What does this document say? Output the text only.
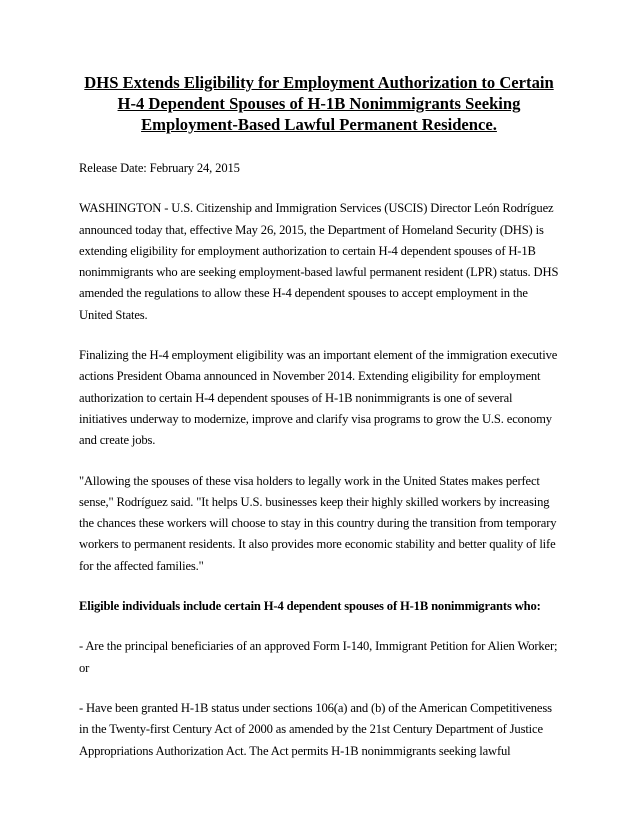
DHS Extends Eligibility for Employment Authorization to Certain
H-4 Dependent Spouses of H-1B Nonimmigrants Seeking
Employment-Based Lawful Permanent Residence.

Release Date: February 24, 2015

WASHINGTON - U.S. Citizenship and Immigration Services (USCIS) Director León Rodríguez announced today that, effective May 26, 2015, the Department of Homeland Security (DHS) is extending eligibility for employment authorization to certain H-4 dependent spouses of H-1B nonimmigrants who are seeking employment-based lawful permanent resident (LPR) status. DHS amended the regulations to allow these H-4 dependent spouses to accept employment in the United States.

Finalizing the H-4 employment eligibility was an important element of the immigration executive actions President Obama announced in November 2014. Extending eligibility for employment authorization to certain H-4 dependent spouses of H-1B nonimmigrants is one of several initiatives underway to modernize, improve and clarify visa programs to grow the U.S. economy and create jobs.

"Allowing the spouses of these visa holders to legally work in the United States makes perfect sense," Rodríguez said. "It helps U.S. businesses keep their highly skilled workers by increasing the chances these workers will choose to stay in this country during the transition from temporary workers to permanent residents. It also provides more economic stability and better quality of life for the affected families."

Eligible individuals include certain H-4 dependent spouses of H-1B nonimmigrants who:

- Are the principal beneficiaries of an approved Form I-140, Immigrant Petition for Alien Worker; or

- Have been granted H-1B status under sections 106(a) and (b) of the American Competitiveness in the Twenty-first Century Act of 2000 as amended by the 21st Century Department of Justice Appropriations Authorization Act. The Act permits H-1B nonimmigrants seeking lawful
